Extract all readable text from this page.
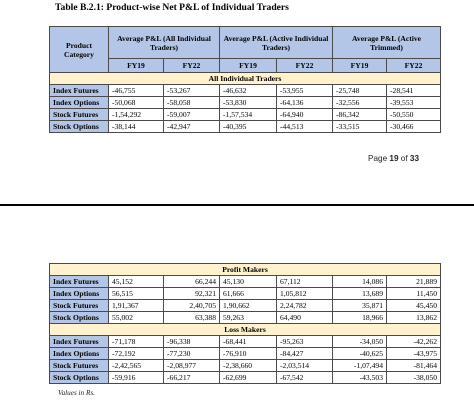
Table B.2.1: Product-wise Net P&L of Individual Traders
Product Category	Average P&L (All Individual Traders)		Average P&L (Active Individual Traders)		Average P&L (Active Trimmed)	
	FY19	FY22	FY19	FY22	FY19	FY22
All Individual Traders						
Index Futures	-46,755	-53,267	-46,632	-53,955	-25,748	-28,541
Index Options	-50,068	-58,058	-53,830	-64,136	-32,556	-39,553
Stock Futures	-1,54,292	-59,007	-1,57,534	-64,940	-86,342	-50,550
Stock Options	-38,144	-42,947	-40,395	-44,513	-33,515	-30,466
Page 19 of 33
Profit Makers						
Index Futures	45,152	66,244	45,130	67,112	14,086	21,889
Index Options	56,515	92,321	61,666	1,05,812	13,689	11,450
Stock Futures	1,91,367	2,40,705	1,90,662	2,24,782	35,871	45,450
Stock Options	55,002	63,388	59,263	64,490	18,966	13,862
Loss Makers						
Index Futures	-71,178	-96,338	-68,441	-95,263	-34,050	-42,262
Index Options	-72,192	-77,230	-76,910	-84,427	-40,625	-43,975
Stock Futures	-2,42,565	-2,08,977	-2,38,660	-2,03,514	-1,07,494	-81,464
Stock Options	-59,916	-66,217	-62,699	-67,542	-43,503	-38,050
Values in Rs.
